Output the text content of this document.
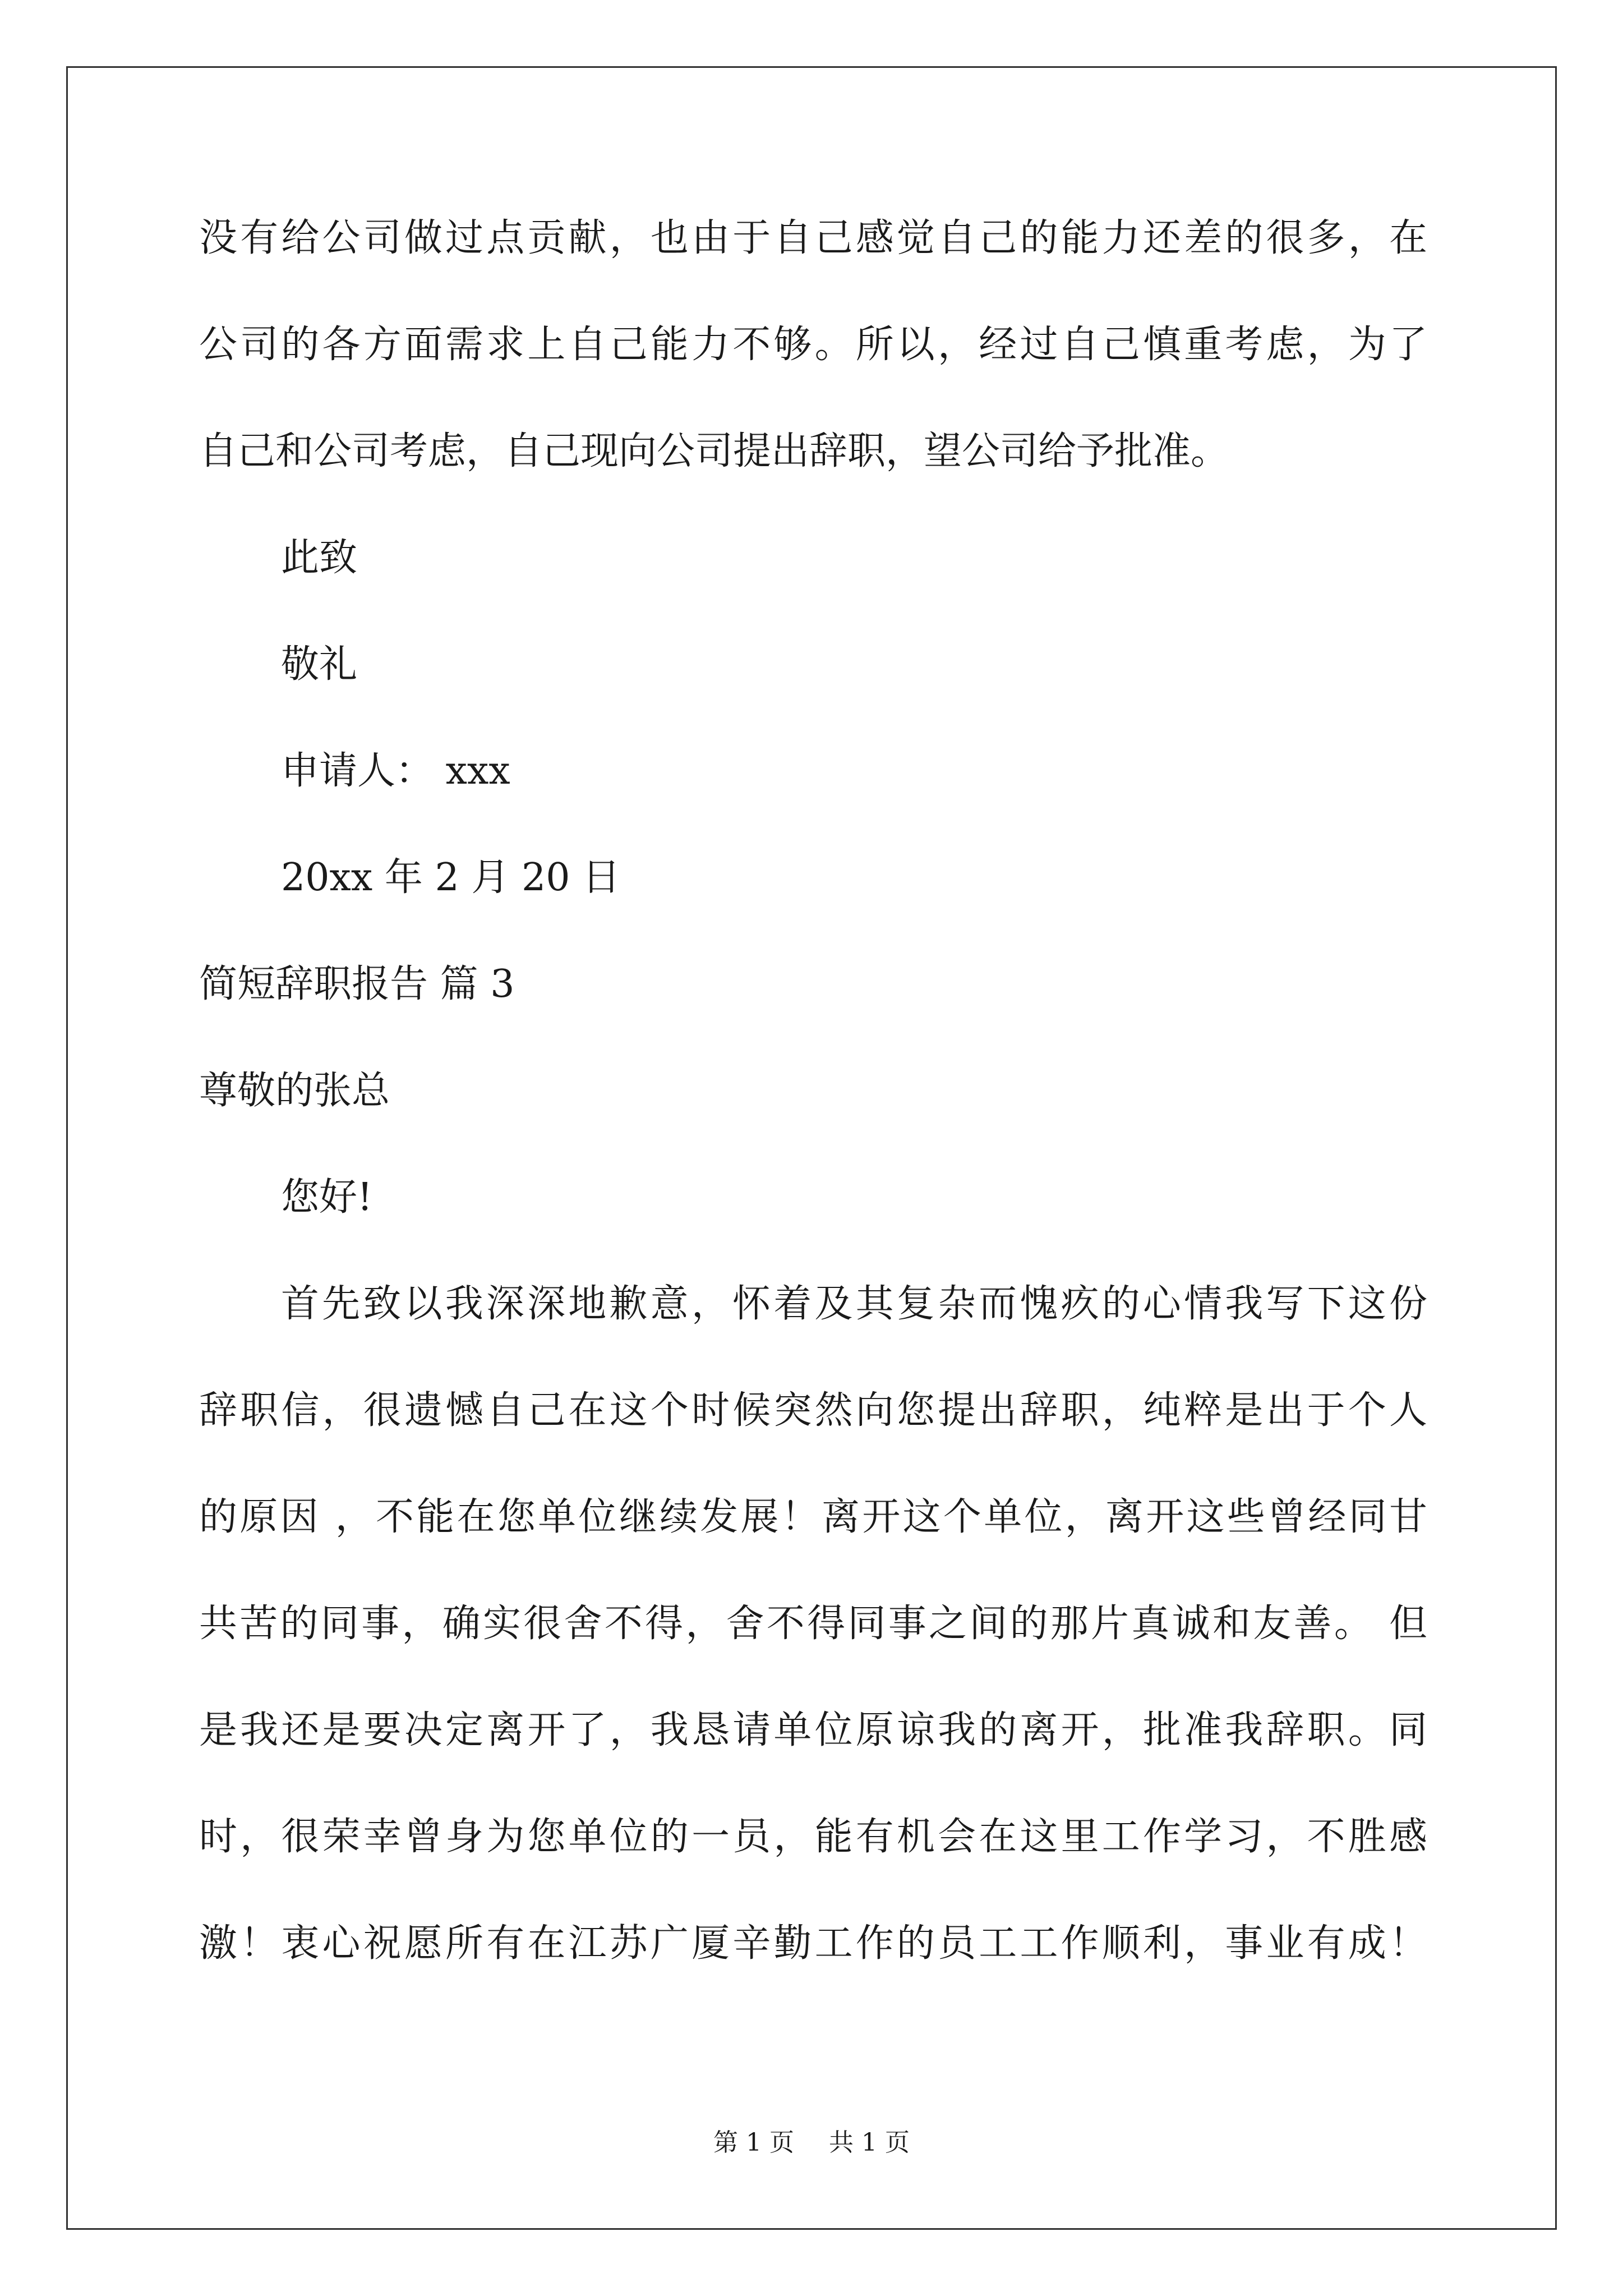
没有给公司做过点贡献，也由于自己感觉自己的能力还差的很多，在
公司的各方面需求上自己能力不够。所以，经过自己慎重考虑，为了
自己和公司考虑，自己现向公司提出辞职，望公司给予批准。
此致
敬礼
申请人： xxx
20xx 年 2 月 20 日
简短辞职报告 篇 3
尊敬的张总
您好!
首先致以我深深地歉意，怀着及其复杂而愧疚的心情我写下这份
辞职信，很遗憾自己在这个时候突然向您提出辞职，纯粹是出于个人
的原因 ，不能在您单位继续发展！离开这个单位，离开这些曾经同甘
共苦的同事，确实很舍不得，舍不得同事之间的那片真诚和友善。 但
是我还是要决定离开了，我恳请单位原谅我的离开，批准我辞职。同
时，很荣幸曾身为您单位的一员，能有机会在这里工作学习，不胜感
激！衷心祝愿所有在江苏广厦辛勤工作的员工工作顺利，事业有成！
第 1 页 共 1 页
